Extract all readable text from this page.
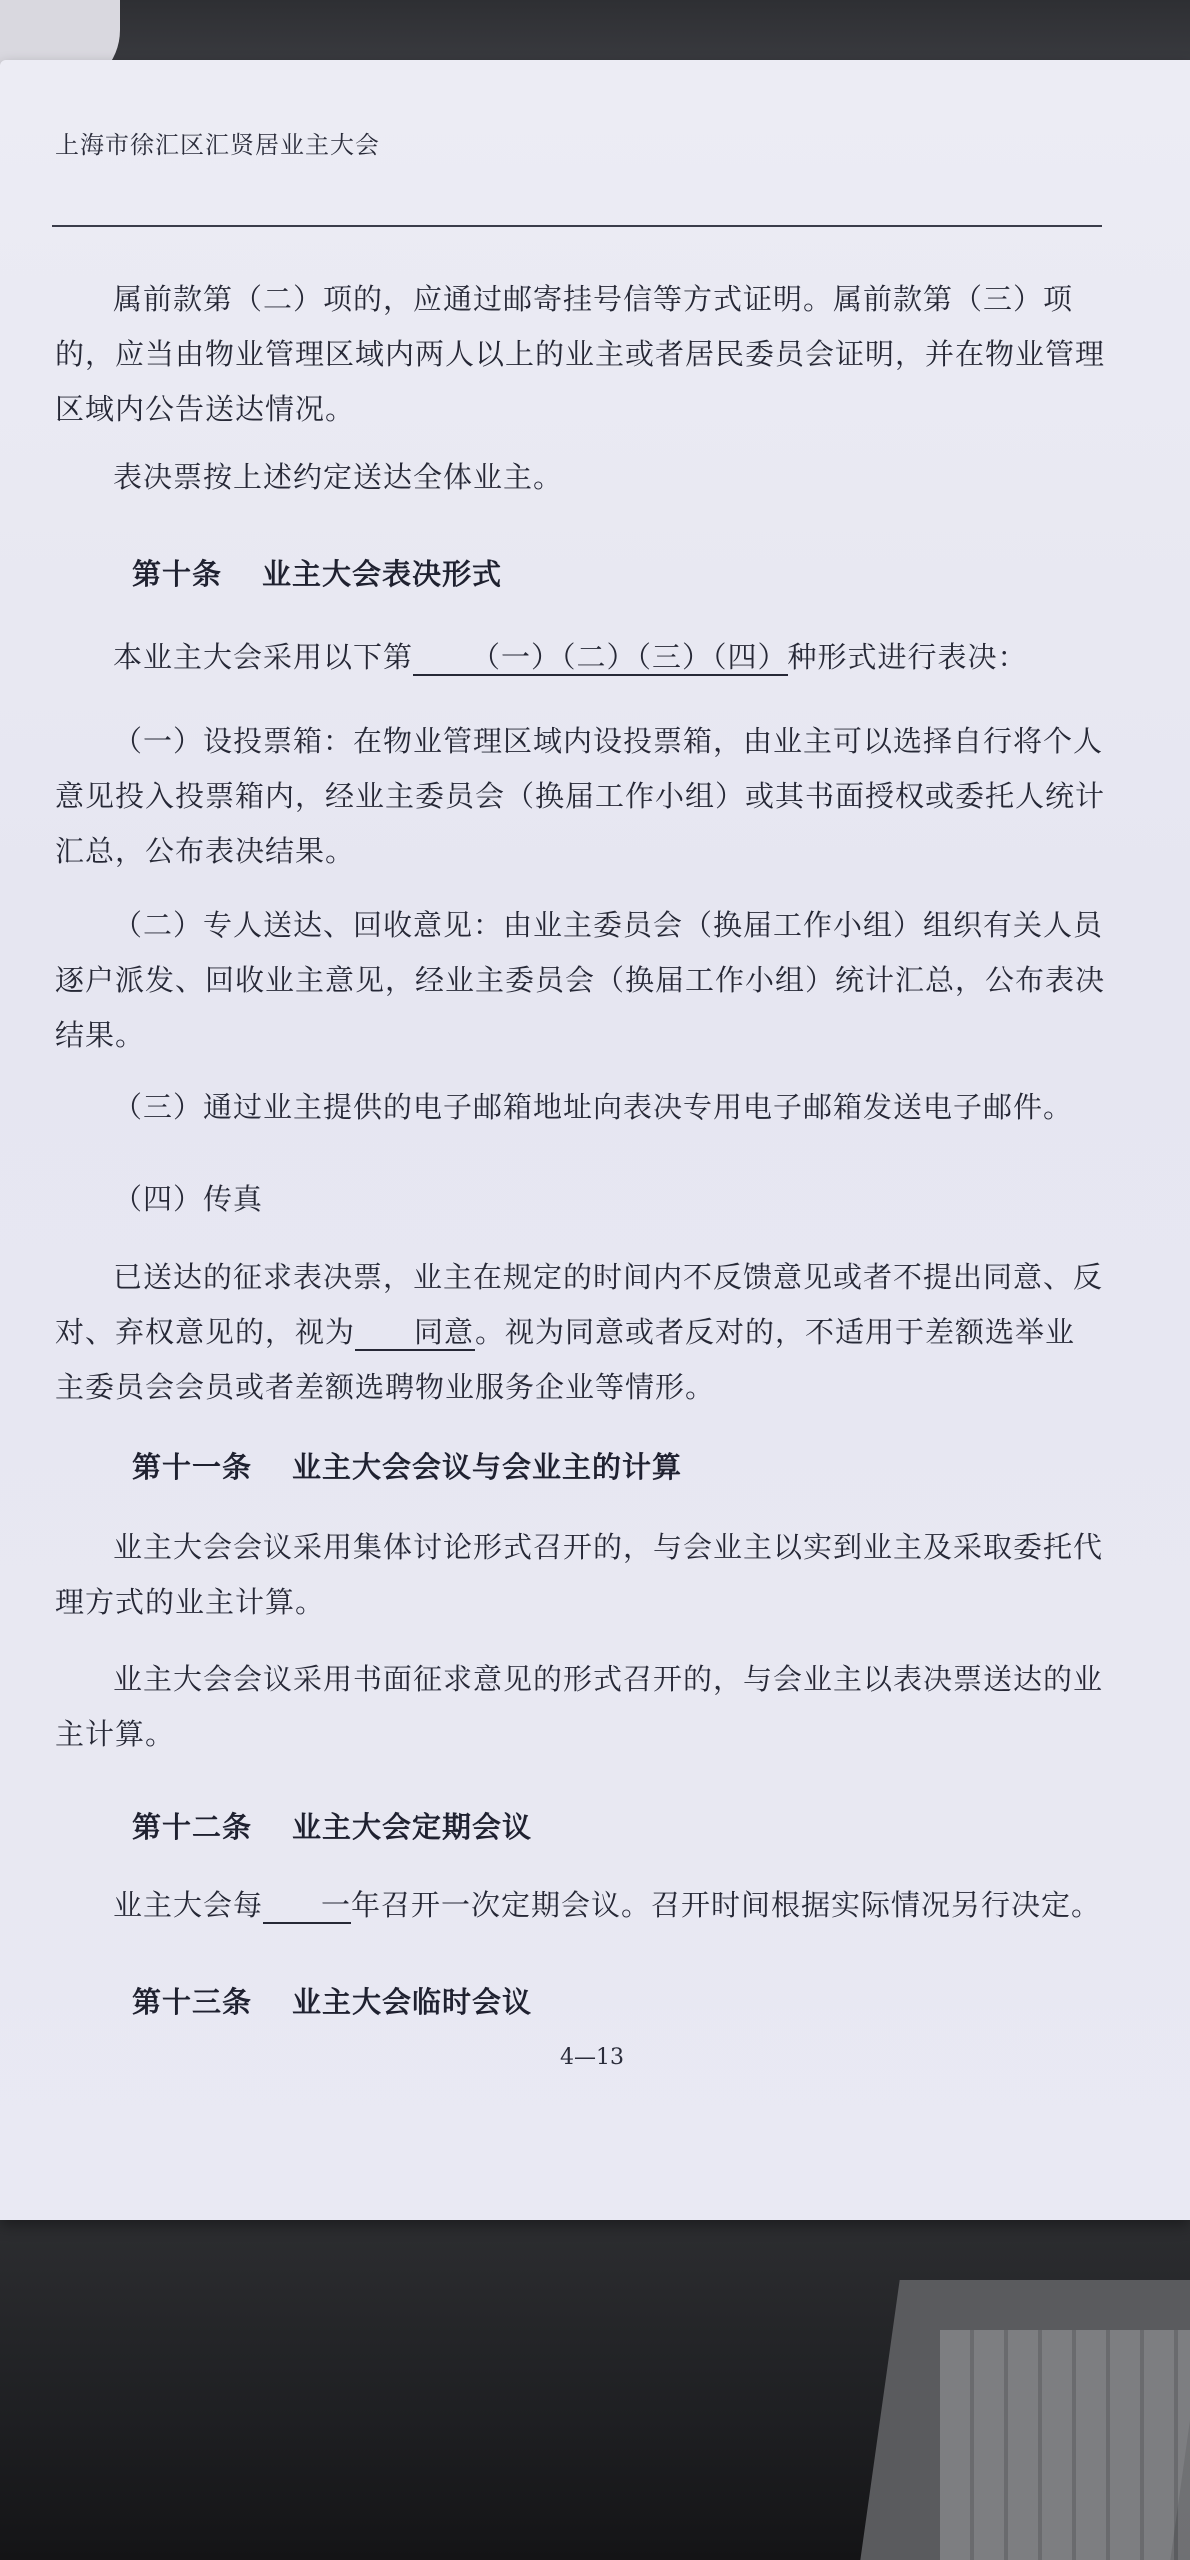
上海市徐汇区汇贤居业主大会

属前款第（二）项的，应通过邮寄挂号信等方式证明。属前款第（三）项的，应当由物业管理区域内两人以上的业主或者居民委员会证明，并在物业管理区域内公告送达情况。

表决票按上述约定送达全体业主。

第十条 业主大会表决形式

本业主大会采用以下第 （一）（二）（三）（四）种形式进行表决：

（一）设投票箱：在物业管理区域内设投票箱，由业主可以选择自行将个人意见投入投票箱内，经业主委员会（换届工作小组）或其书面授权或委托人统计汇总，公布表决结果。

（二）专人送达、回收意见：由业主委员会（换届工作小组）组织有关人员逐户派发、回收业主意见，经业主委员会（换届工作小组）统计汇总，公布表决结果。

（三）通过业主提供的电子邮箱地址向表决专用电子邮箱发送电子邮件。

（四）传真

已送达的征求表决票，业主在规定的时间内不反馈意见或者不提出同意、反对、弃权意见的，视为 同意。视为同意或者反对的，不适用于差额选举业主委员会会员或者差额选聘物业服务企业等情形。

第十一条 业主大会会议与会业主的计算

业主大会会议采用集体讨论形式召开的，与会业主以实到业主及采取委托代理方式的业主计算。

业主大会会议采用书面征求意见的形式召开的，与会业主以表决票送达的业主计算。

第十二条 业主大会定期会议

业主大会每 一年召开一次定期会议。召开时间根据实际情况另行决定。

第十三条 业主大会临时会议
4—13
